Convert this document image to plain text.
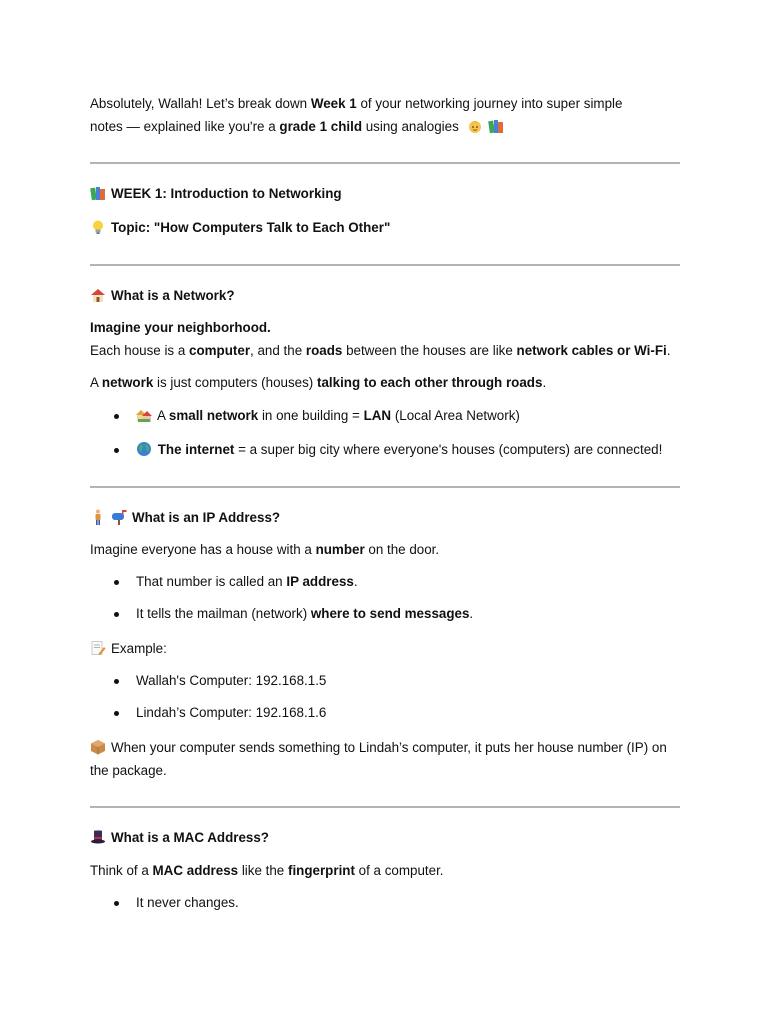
Absolutely, Wallah! Let’s break down Week 1 of your networking journey into super simple notes — explained like you're a grade 1 child using analogies

WEEK 1: Introduction to Networking

Topic: "How Computers Talk to Each Other"

What is a Network?

Imagine your neighborhood.

Each house is a computer, and the roads between the houses are like network cables or Wi-Fi.

A network is just computers (houses) talking to each other through roads.

A small network in one building = LAN (Local Area Network)
The internet = a super big city where everyone's houses (computers) are connected!

What is an IP Address?

Imagine everyone has a house with a number on the door.

That number is called an IP address.
It tells the mailman (network) where to send messages.

Example:

Wallah's Computer: 192.168.1.5
Lindah’s Computer: 192.168.1.6

When your computer sends something to Lindah’s computer, it puts her house number (IP) on the package.

What is a MAC Address?

Think of a MAC address like the fingerprint of a computer.

It never changes.
